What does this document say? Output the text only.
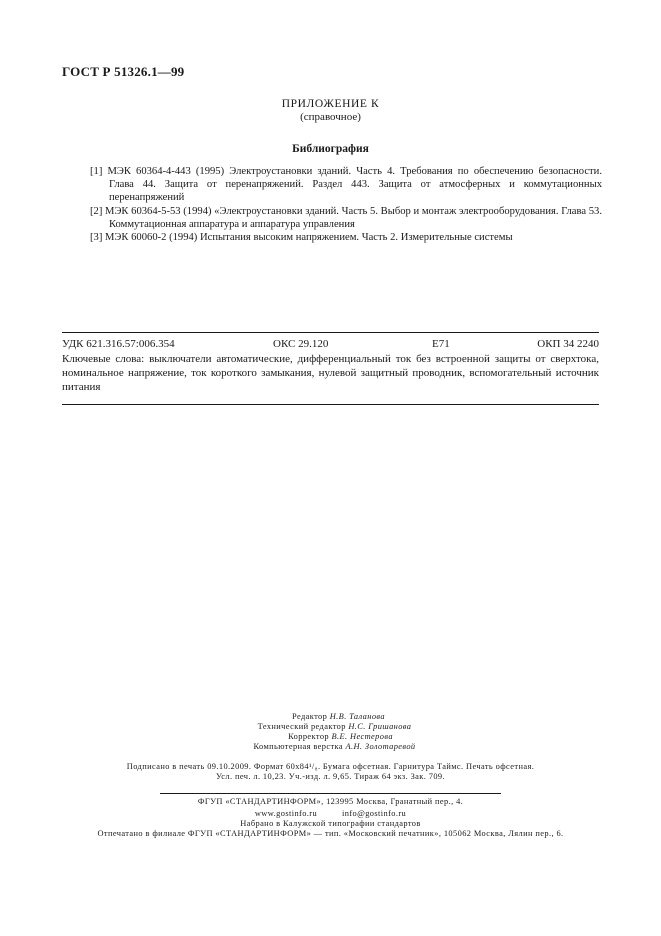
ГОСТ Р 51326.1—99
ПРИЛОЖЕНИЕ К
(справочное)
Библиография
[1] МЭК 60364-4-443 (1995) Электроустановки зданий. Часть 4. Требования по обеспечению безопасности. Глава 44. Защита от перенапряжений. Раздел 443. Защита от атмосферных и коммутационных перенапряжений
[2] МЭК 60364-5-53 (1994) «Электроустановки зданий. Часть 5. Выбор и монтаж электрооборудования. Глава 53. Коммутационная аппаратура и аппаратура управления
[3] МЭК 60060-2 (1994) Испытания высоким напряжением. Часть 2. Измерительные системы
УДК 621.316.57:006.354	ОКС 29.120	Е71	ОКП 34 2240
Ключевые слова: выключатели автоматические, дифференциальный ток без встроенной защиты от сверхтока, номинальное напряжение, ток короткого замыкания, нулевой защитный проводник, вспомогательный источник питания
Редактор Н.В. Таланова
Технический редактор Н.С. Гришанова
Корректор В.Е. Нестерова
Компьютерная верстка А.Н. Золотаревой
Подписано в печать 09.10.2009. Формат 60х84¹/₈. Бумага офсетная. Гарнитура Таймс. Печать офсетная.
Усл. печ. л. 10,23. Уч.-изд. л. 9,65. Тираж 64 экз. Зак. 709.
ФГУП «СТАНДАРТИНФОРМ», 123995 Москва, Гранатный пер., 4.
www.gostinfo.ru          info@gostinfo.ru
Набрано в Калужской типографии стандартов
Отпечатано в филиале ФГУП «СТАНДАРТИНФОРМ» — тип. «Московский печатник», 105062 Москва, Лялин пер., 6.
